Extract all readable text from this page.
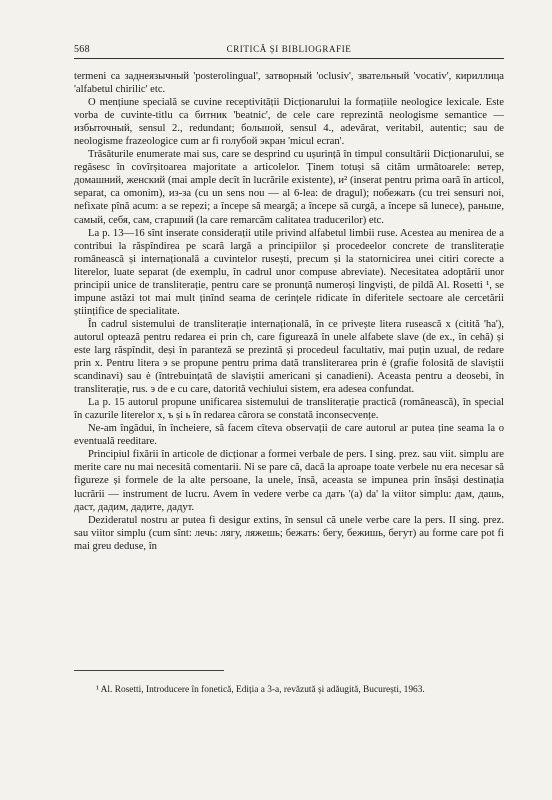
568	CRITICĂ ȘI BIBLIOGRAFIE

termeni ca заднеязычный 'posterolingual', затворный 'oclusiv', звательный 'vocativ', кириллица 'alfabetul chirilic' etc.

O mențiune specială se cuvine receptivității Dicționarului la formațiile neologice lexicale. Este vorba de cuvinte-titlu ca битник 'beatnic', de cele care reprezintă neologisme semantice — избыточный, sensul 2., redundant; большой, sensul 4., adevărat, veritabil, autentic; sau de neologisme frazeologice cum ar fi голубой экран 'micul ecran'.

Trăsăturile enumerate mai sus, care se desprind cu ușurință în timpul consultării Dicționarului, se regăsesc în covîrșitoarea majoritate a articolelor. Ținem totuși să cităm următoarele: ветер, домашний, женский (mai ample decît în lucrările existente), и² (inserat pentru prima oară în articol, separat, ca omonim), из-за (cu un sens nou — al 6-lea: de dragul); побежать (cu trei sensuri noi, nefixate pînă acum: a se repezi; a începe să meargă; a începe să curgă, a începe să lunece), раньше, самый, себя, сам, старший (la care remarcăm calitatea traducerilor) etc.

La p. 13—16 sînt inserate considerații utile privind alfabetul limbii ruse. Acestea au menirea de a contribui la răspîndirea pe scară largă a principiilor și procedeelor concrete de transliterație românească și internațională a cuvintelor rusești, precum și la statornicirea unei citiri corecte a literelor, luate separat (de exemplu, în cadrul unor compuse abreviate). Necesitatea adoptării unor principii unice de transliterație, pentru care se pronunță numeroși lingviști, de pildă Al. Rosetti ¹, se impune astăzi tot mai mult ținînd seama de cerințele ridicate în diferitele sectoare ale cercetării științifice de specialitate.

În cadrul sistemului de transliterație internațională, în ce privește litera rusească x (citită 'ha'), autorul optează pentru redarea ei prin ch, care figurează în unele alfabete slave (de ex., în cehă) și este larg răspîndit, deși în paranteză se prezintă și procedeul facultativ, mai puțin uzual, de redare prin x. Pentru litera э se propune pentru prima dată transliterarea prin ė (grafie folosită de slaviștii scandinavi) sau ė (întrebuințată de slaviștii americani și canadieni). Aceasta pentru a deosebi, în transliterație, rus. э de e cu care, datorită vechiului sistem, era adesea confundat.

La p. 15 autorul propune unificarea sistemului de transliterație practică (românească), în special în cazurile literelor x, ъ și ь în redarea cărora se constată inconsecvențe.

Ne-am îngădui, în încheiere, să facem cîteva observații de care autorul ar putea ține seama la o eventuală reeditare.

Principiul fixării în articole de dicționar a formei verbale de pers. I sing. prez. sau viit. simplu are merite care nu mai necesită comentarii. Ni se pare că, dacă la aproape toate verbele nu era necesar să figureze și formele de la alte persoane, la unele, însă, aceasta se impunea prin însăși destinația lucrării — instrument de lucru. Avem în vedere verbe ca дать '(a) da' la viitor simplu: дам, дашь, даст, дадим, дадите, дадут.

Dezideratul nostru ar putea fi desigur extins, în sensul că unele verbe care la pers. II sing. prez. sau viitor simplu (cum sînt: лечь: лягу, ляжешь; бежать: бегу, бежишь, бегут) au forme care pot fi mai greu deduse, în

¹ Al. Rosetti, Introducere în fonetică, Ediția a 3-a, revăzută și adăugită, București, 1963.
